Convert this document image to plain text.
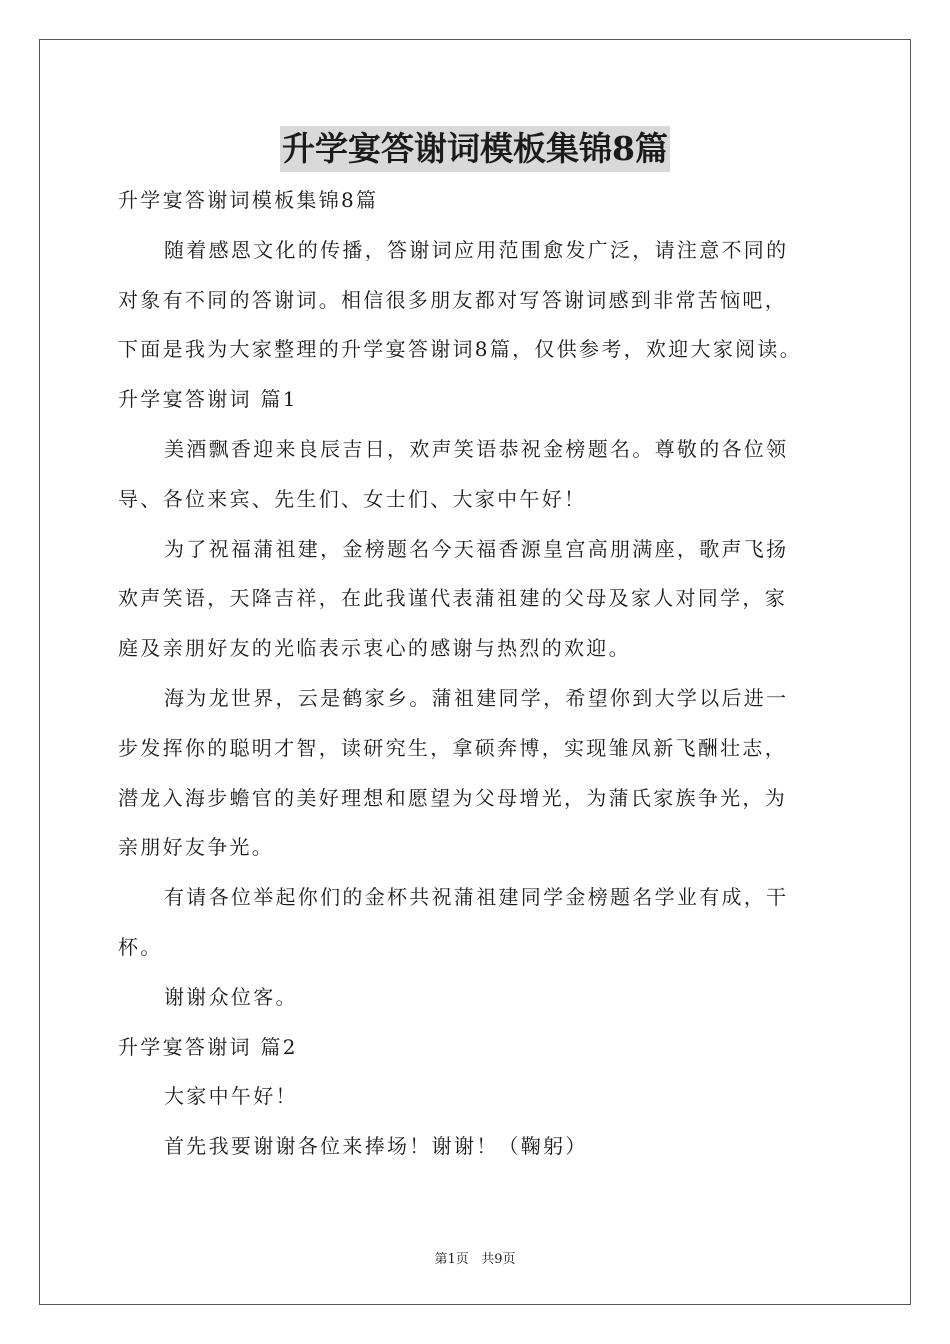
升学宴答谢词模板集锦8篇
升学宴答谢词模板集锦8篇
随着感恩文化的传播，答谢词应用范围愈发广泛，请注意不同的
对象有不同的答谢词。相信很多朋友都对写答谢词感到非常苦恼吧，
下面是我为大家整理的升学宴答谢词8篇，仅供参考，欢迎大家阅读。
升学宴答谢词 篇1
美酒飘香迎来良辰吉日，欢声笑语恭祝金榜题名。尊敬的各位领
导、各位来宾、先生们、女士们、大家中午好！
为了祝福蒲祖建，金榜题名今天福香源皇宫高朋满座，歌声飞扬
欢声笑语，天降吉祥，在此我谨代表蒲祖建的父母及家人对同学，家
庭及亲朋好友的光临表示衷心的感谢与热烈的欢迎。
海为龙世界，云是鹤家乡。蒲祖建同学，希望你到大学以后进一
步发挥你的聪明才智，读研究生，拿硕奔博，实现雏凤新飞酬壮志，
潜龙入海步蟾官的美好理想和愿望为父母增光，为蒲氏家族争光，为
亲朋好友争光。
有请各位举起你们的金杯共祝蒲祖建同学金榜题名学业有成，干
杯。
谢谢众位客。
升学宴答谢词 篇2
大家中午好！
首先我要谢谢各位来捧场！谢谢！（鞠躬）
第1页 共9页
